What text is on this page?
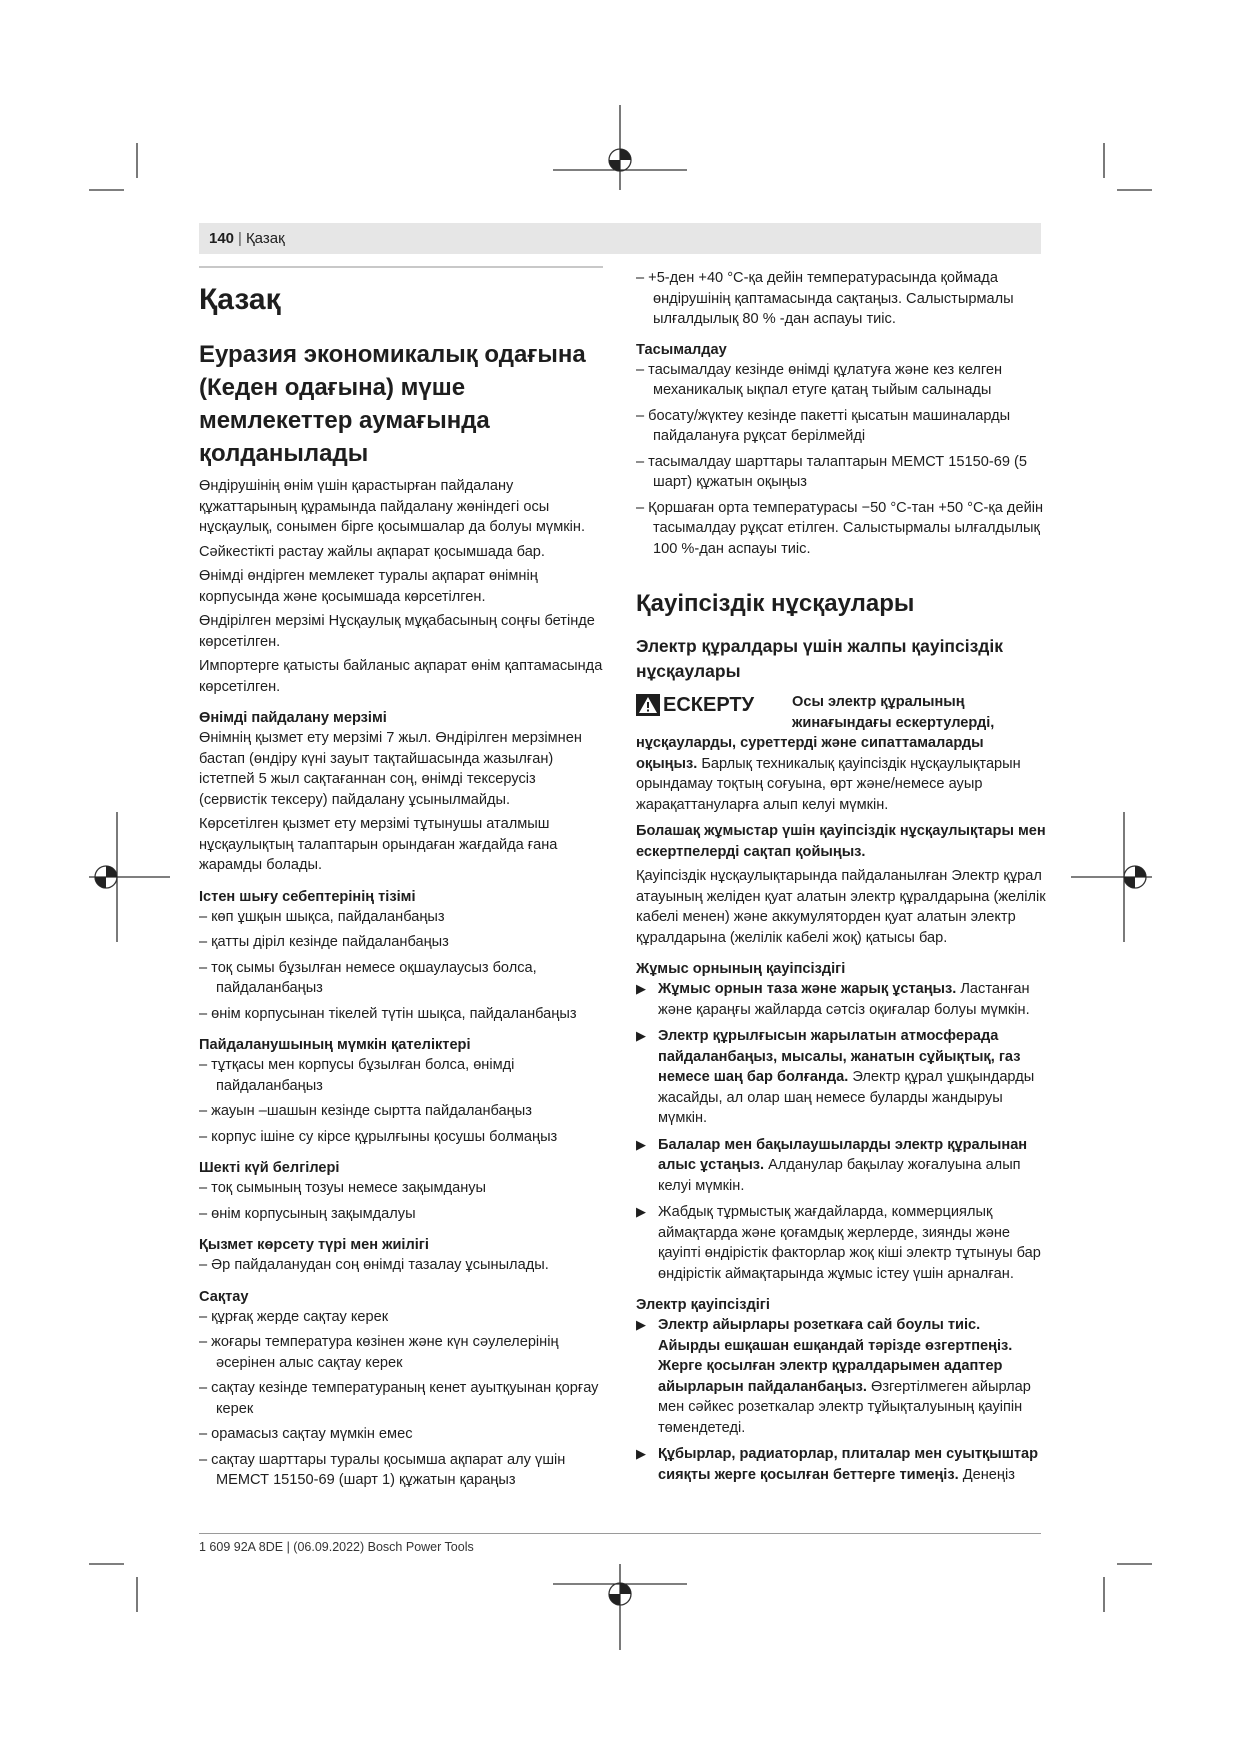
140 | Қазақ
Қазақ
Еуразия экономикалық одағына (Кеден одағына) мүше мемлекеттер аумағында қолданылады

Өндірушінің өнім үшін қарастырған пайдалану құжаттарының құрамында пайдалану жөніндегі осы нұсқаулық, сонымен бірге қосымшалар да болуы мүмкін.

Сәйкестікті растау жайлы ақпарат қосымшада бар.

Өнімді өндірген мемлекет туралы ақпарат өнімнің корпусында және қосымшада көрсетілген.

Өндірілген мерзімі Нұсқаулық мұқабасының соңғы бетінде көрсетілген.

Импортерге қатысты байланыс ақпарат өнім қаптамасында көрсетілген.

Өнімді пайдалану мерзімі

Өнімнің қызмет ету мерзімі 7 жыл. Өндірілген мерзімнен бастап (өндіру күні зауыт тақтайшасында жазылған) істетпей 5 жыл сақтағаннан соң, өнімді тексерусіз (сервистік тексеру) пайдалану ұсынылмайды.

Көрсетілген қызмет ету мерзімі тұтынушы аталмыш нұсқаулықтың талаптарын орындаған жағдайда ғана жарамды болады.

Істен шығу себептерінің тізімі
– көп ұшқын шықса, пайдаланбаңыз
– қатты діріл кезінде пайдаланбаңыз
– тоқ сымы бұзылған немесе оқшаулаусыз болса, пайдаланбаңыз
– өнім корпусынан тікелей түтін шықса, пайдаланбаңыз
Пайдаланушының мүмкін қателіктері
– тұтқасы мен корпусы бұзылған болса, өнімді пайдаланбаңыз
– жауын –шашын кезінде сыртта пайдаланбаңыз
– корпус ішіне су кірсе құрылғыны қосушы болмаңыз
Шекті күй белгілері
– тоқ сымының тозуы немесе зақымдануы
– өнім корпусының зақымдалуы
Қызмет көрсету түрі мен жиілігі
– Әр пайдаланудан соң өнімді тазалау ұсынылады.
Сақтау
– құрғақ жерде сақтау керек
– жоғары температура көзінен және күн сәулелерінің әсерінен алыс сақтау керек
– сақтау кезінде температураның кенет ауытқуынан қорғау керек
– орамасыз сақтау мүмкін емес
– сақтау шарттары туралы қосымша ақпарат алу үшін МЕМСТ 15150-69 (шарт 1) құжатын қараңыз
– +5-ден +40 °C-қа дейін температурасында қоймада өндірушінің қаптамасында сақтаңыз. Салыстырмалы ылғалдылық 80 % -дан аспауы тиіс.
Тасымалдау
– тасымалдау кезінде өнімді құлатуға және кез келген механикалық ықпал етуге қатаң тыйым салынады
– босату/жүктеу кезінде пакетті қысатын машиналарды пайдалануға рұқсат берілмейді
– тасымалдау шарттары талаптарын МЕМСТ 15150-69 (5 шарт) құжатын оқыңыз
– Қоршаған орта температурасы −50 °C-тан +50 °C-қа дейін тасымалдау рұқсат етілген. Салыстырмалы ылғалдылық 100 %-дан аспауы тиіс.
Қауіпсіздік нұсқаулары
Электр құралдары үшін жалпы қауіпсіздік нұсқаулары
ЕСКЕРТУ	Осы электр құралының жинағындағы ескертулерді,

нұсқауларды, суреттерді және сипаттамаларды оқыңыз. Барлық техникалық қауіпсіздік нұсқаулықтарын орындамау тоқтың соғуына, өрт және/немесе ауыр жарақаттануларға алып келуі мүмкін.

Болашақ жұмыстар үшін қауіпсіздік нұсқаулықтары мен ескертпелерді сақтап қойыңыз.

Қауіпсіздік нұсқаулықтарында пайдаланылған Электр құрал атауының желіден қуат алатын электр құралдарына (желілік кабелі менен) және аккумуляторден қуат алатын электр құралдарына (желілік кабелі жоқ) қатысы бар.

Жұмыс орнының қауіпсіздігі
▶ Жұмыс орнын таза және жарық ұстаңыз. Ластанған және қараңғы жайларда сәтсіз оқиғалар болуы мүмкін.
▶ Электр құрылғысын жарылатын атмосферада пайдаланбаңыз, мысалы, жанатын сұйықтық, газ немесе шаң бар болғанда. Электр құрал ұшқындарды жасайды, ал олар шаң немесе буларды жандыруы мүмкін.
▶ Балалар мен бақылаушыларды электр құралынан алыс ұстаңыз. Алданулар бақылау жоғалуына алып келуі мүмкін.
▶ Жабдық тұрмыстық жағдайларда, коммерциялық аймақтарда және қоғамдық жерлерде, зиянды және қауіпті өндірістік факторлар жоқ кіші электр тұтынуы бар өндірістік аймақтарында жұмыс істеу үшін арналған.
Электр қауіпсіздігі
▶ Электр айырлары розеткаға сай боулы тиіс. Айырды ешқашан ешқандай тәрізде өзгертпеңіз. Жерге қосылған электр құралдарымен адаптер айырларын пайдаланбаңыз. Өзгертілмеген айырлар мен сәйкес розеткалар электр тұйықталуының қауіпін төмендетеді.
▶ Құбырлар, радиаторлар, плиталар мен суытқыштар сияқты жерге қосылған беттерге тимеңіз. Денеңіз
1 609 92A 8DE | (06.09.2022) Bosch Power Tools
